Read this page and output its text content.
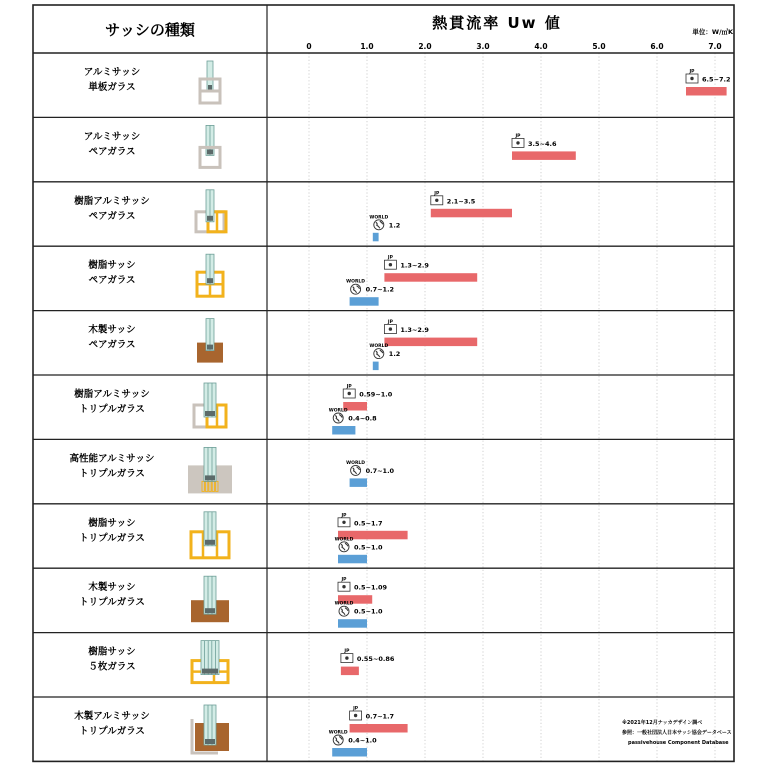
サッシの種類	熱貫流率 Uw 値	単位：W/㎡K
0	1.0	2.0	3.0	4.0	5.0	6.0	7.0
アルミサッシ
単板ガラス
JP
6.5~7.2
アルミサッシ
ペアガラス
JP
3.5~4.6
樹脂アルミサッシ
ペアガラス
JP
2.1~3.5
WORLD
1.2
樹脂サッシ
ペアガラス
JP
1.3~2.9
WORLD
0.7~1.2
木製サッシ
ペアガラス
JP
1.3~2.9
WORLD
1.2
樹脂アルミサッシ
トリプルガラス
JP
0.59~1.0
WORLD
0.4~0.8
高性能アルミサッシ
トリプルガラス
WORLD
0.7~1.0
樹脂サッシ
トリプルガラス
JP
0.5~1.7
WORLD
0.5~1.0
木製サッシ
トリプルガラス
JP
0.5~1.09
WORLD
0.5~1.0
樹脂サッシ
５枚ガラス
JP
0.55~0.86
木製アルミサッシ
トリプルガラス
JP
0.7~1.7
WORLD
0.4~1.0
※2021年12月ナッカデザイン調べ
参照：一般社団法人日本サッシ協会データベース
passivehouse Component Database
